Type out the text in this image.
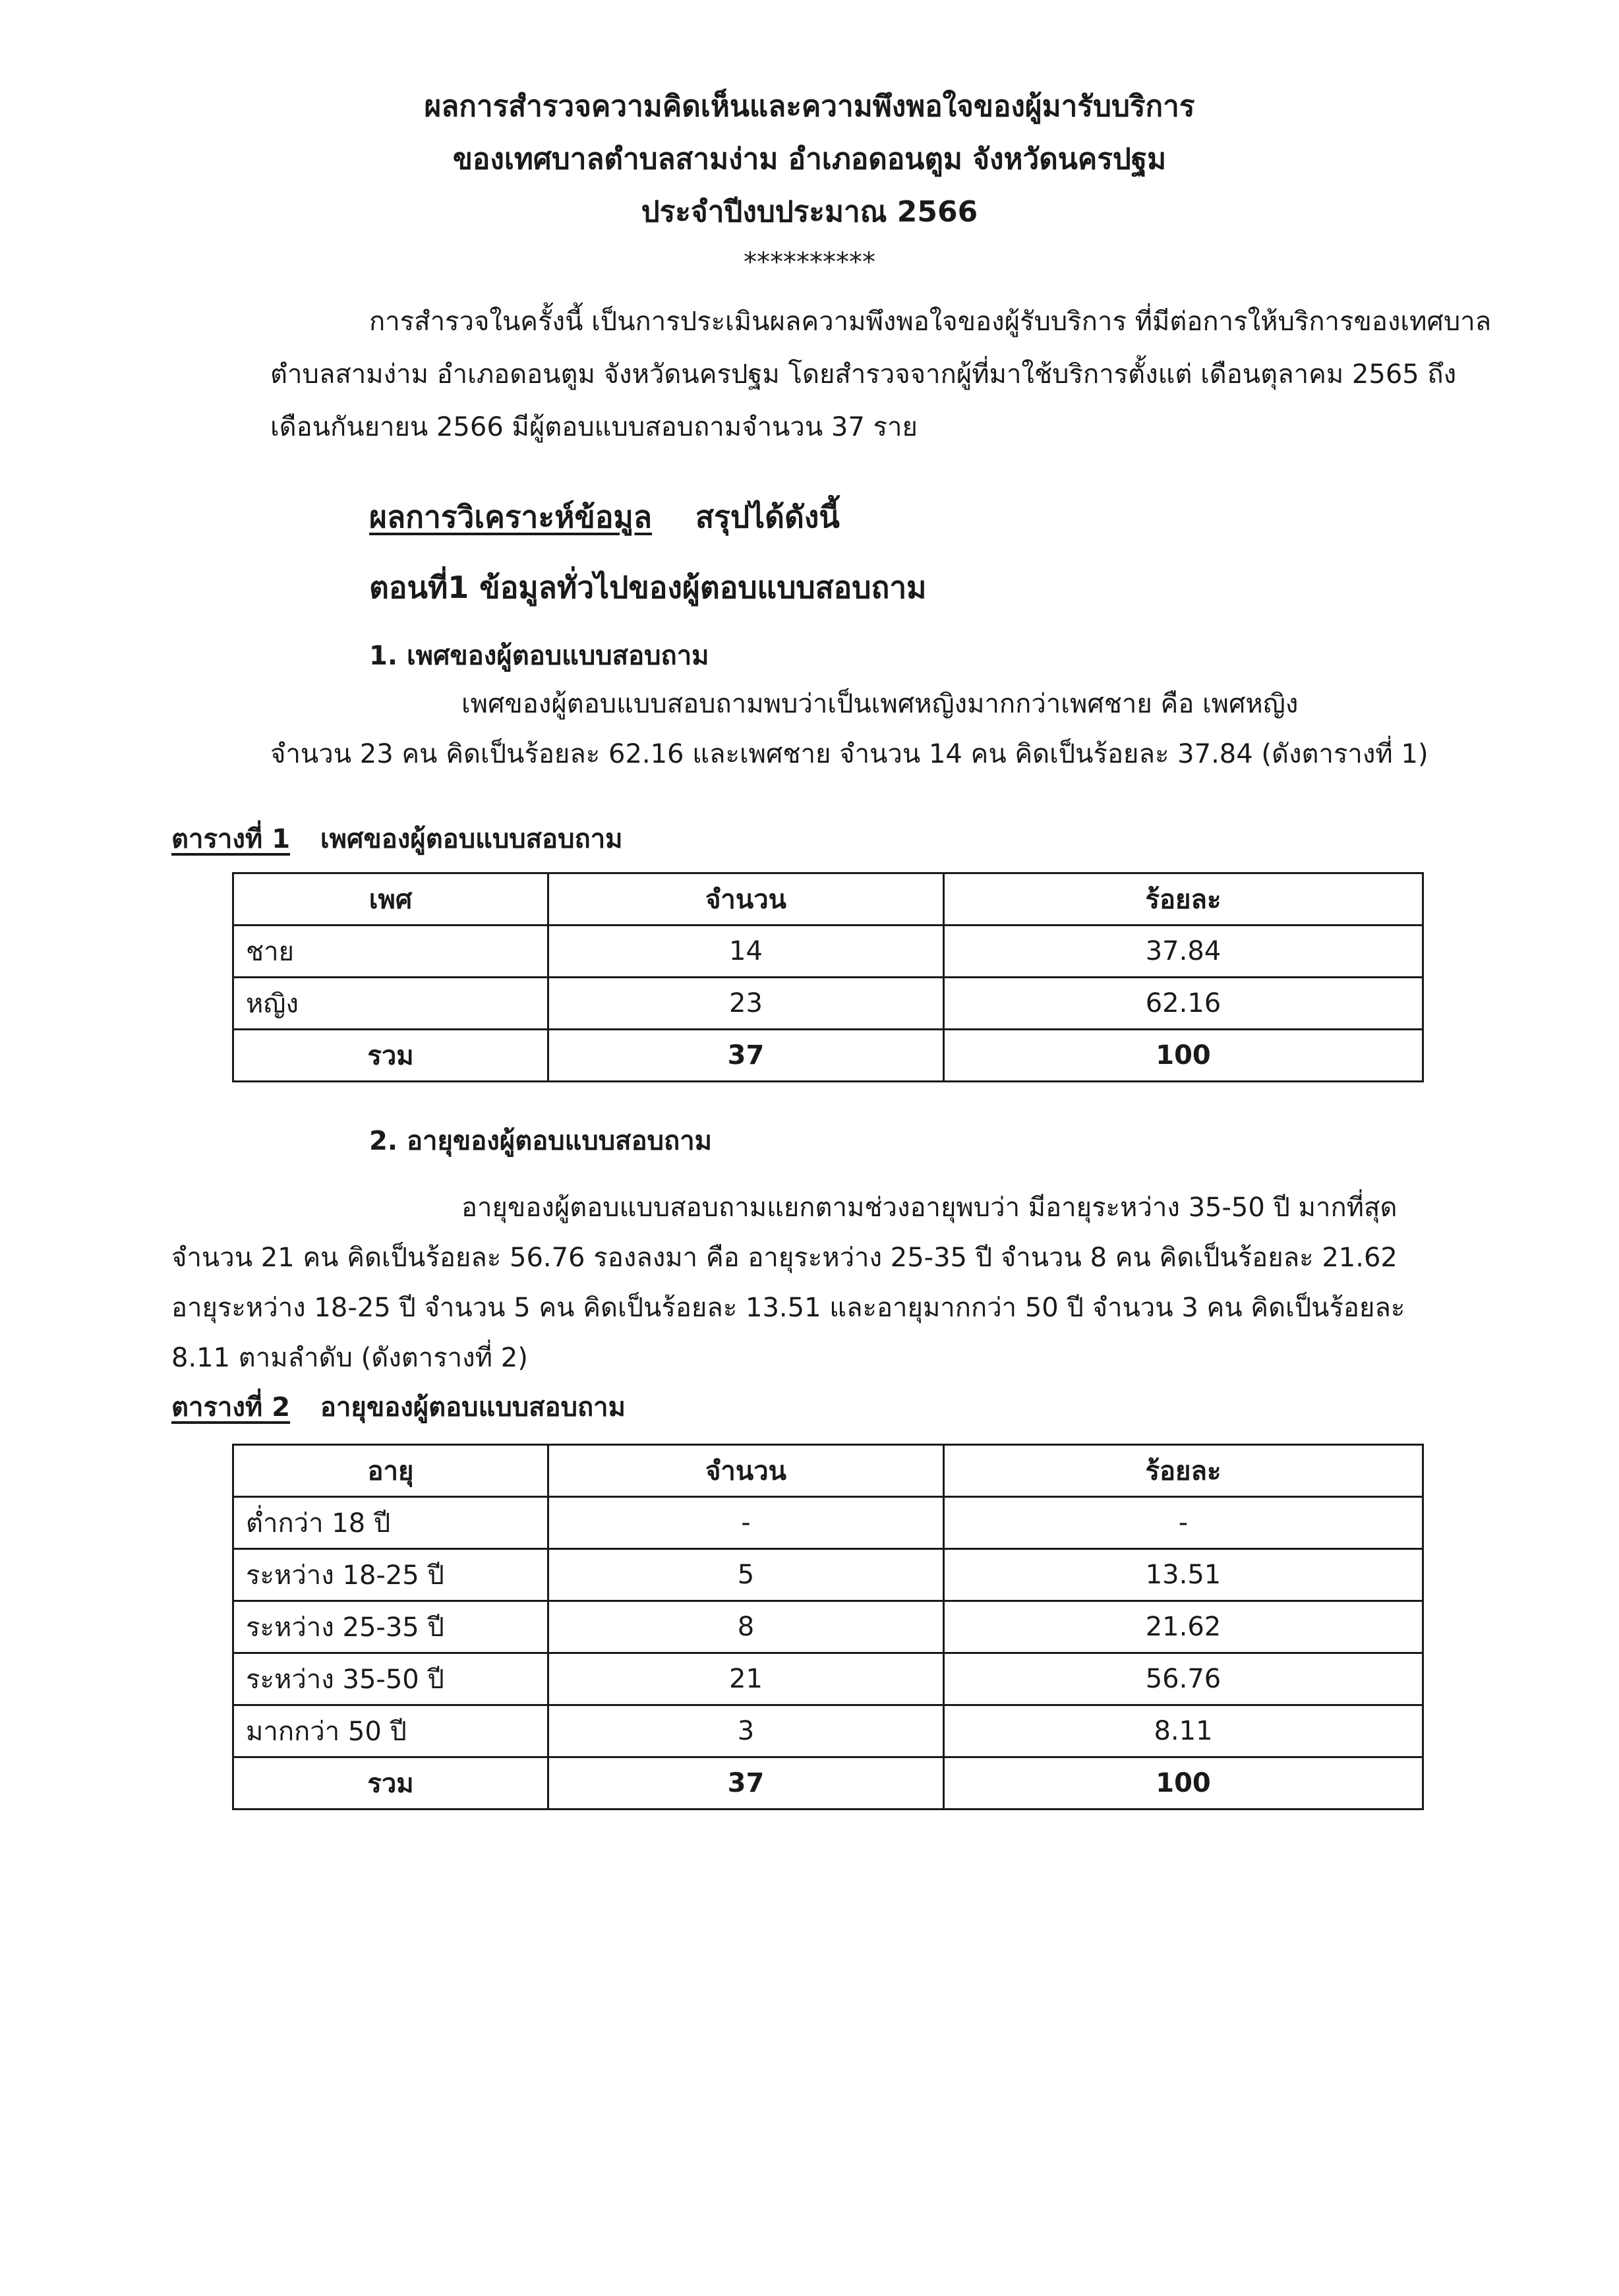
ผลการสำรวจความคิดเห็นและความพึงพอใจของผู้มารับบริการ
ของเทศบาลตำบลสามง่าม อำเภอดอนตูม จังหวัดนครปฐม
ประจำปีงบประมาณ 2566
**********
การสำรวจในครั้งนี้ เป็นการประเมินผลความพึงพอใจของผู้รับบริการ ที่มีต่อการให้บริการของเทศบาล
ตำบลสามง่าม อำเภอดอนตูม จังหวัดนครปฐม โดยสำรวจจากผู้ที่มาใช้บริการตั้งแต่ เดือนตุลาคม 2565 ถึง
เดือนกันยายน 2566 มีผู้ตอบแบบสอบถามจำนวน 37 ราย
ผลการวิเคราะห์ข้อมูล สรุปได้ดังนี้
ตอนที่1 ข้อมูลทั่วไปของผู้ตอบแบบสอบถาม
1. เพศของผู้ตอบแบบสอบถาม
เพศของผู้ตอบแบบสอบถามพบว่าเป็นเพศหญิงมากกว่าเพศชาย คือ เพศหญิง
จำนวน 23 คน คิดเป็นร้อยละ 62.16 และเพศชาย จำนวน 14 คน คิดเป็นร้อยละ 37.84 (ดังตารางที่ 1)
ตารางที่ 1 เพศของผู้ตอบแบบสอบถาม
เพศ	จำนวน	ร้อยละ
ชาย	14	37.84
หญิง	23	62.16
รวม	37	100
2. อายุของผู้ตอบแบบสอบถาม
อายุของผู้ตอบแบบสอบถามแยกตามช่วงอายุพบว่า มีอายุระหว่าง 35-50 ปี มากที่สุด
จำนวน 21 คน คิดเป็นร้อยละ 56.76 รองลงมา คือ อายุระหว่าง 25-35 ปี จำนวน 8 คน คิดเป็นร้อยละ 21.62
อายุระหว่าง 18-25 ปี จำนวน 5 คน คิดเป็นร้อยละ 13.51 และอายุมากกว่า 50 ปี จำนวน 3 คน คิดเป็นร้อยละ
8.11 ตามลำดับ (ดังตารางที่ 2)
ตารางที่ 2 อายุของผู้ตอบแบบสอบถาม
อายุ	จำนวน	ร้อยละ
ต่ำกว่า 18 ปี	-	-
ระหว่าง 18-25 ปี	5	13.51
ระหว่าง 25-35 ปี	8	21.62
ระหว่าง 35-50 ปี	21	56.76
มากกว่า 50 ปี	3	8.11
รวม	37	100
